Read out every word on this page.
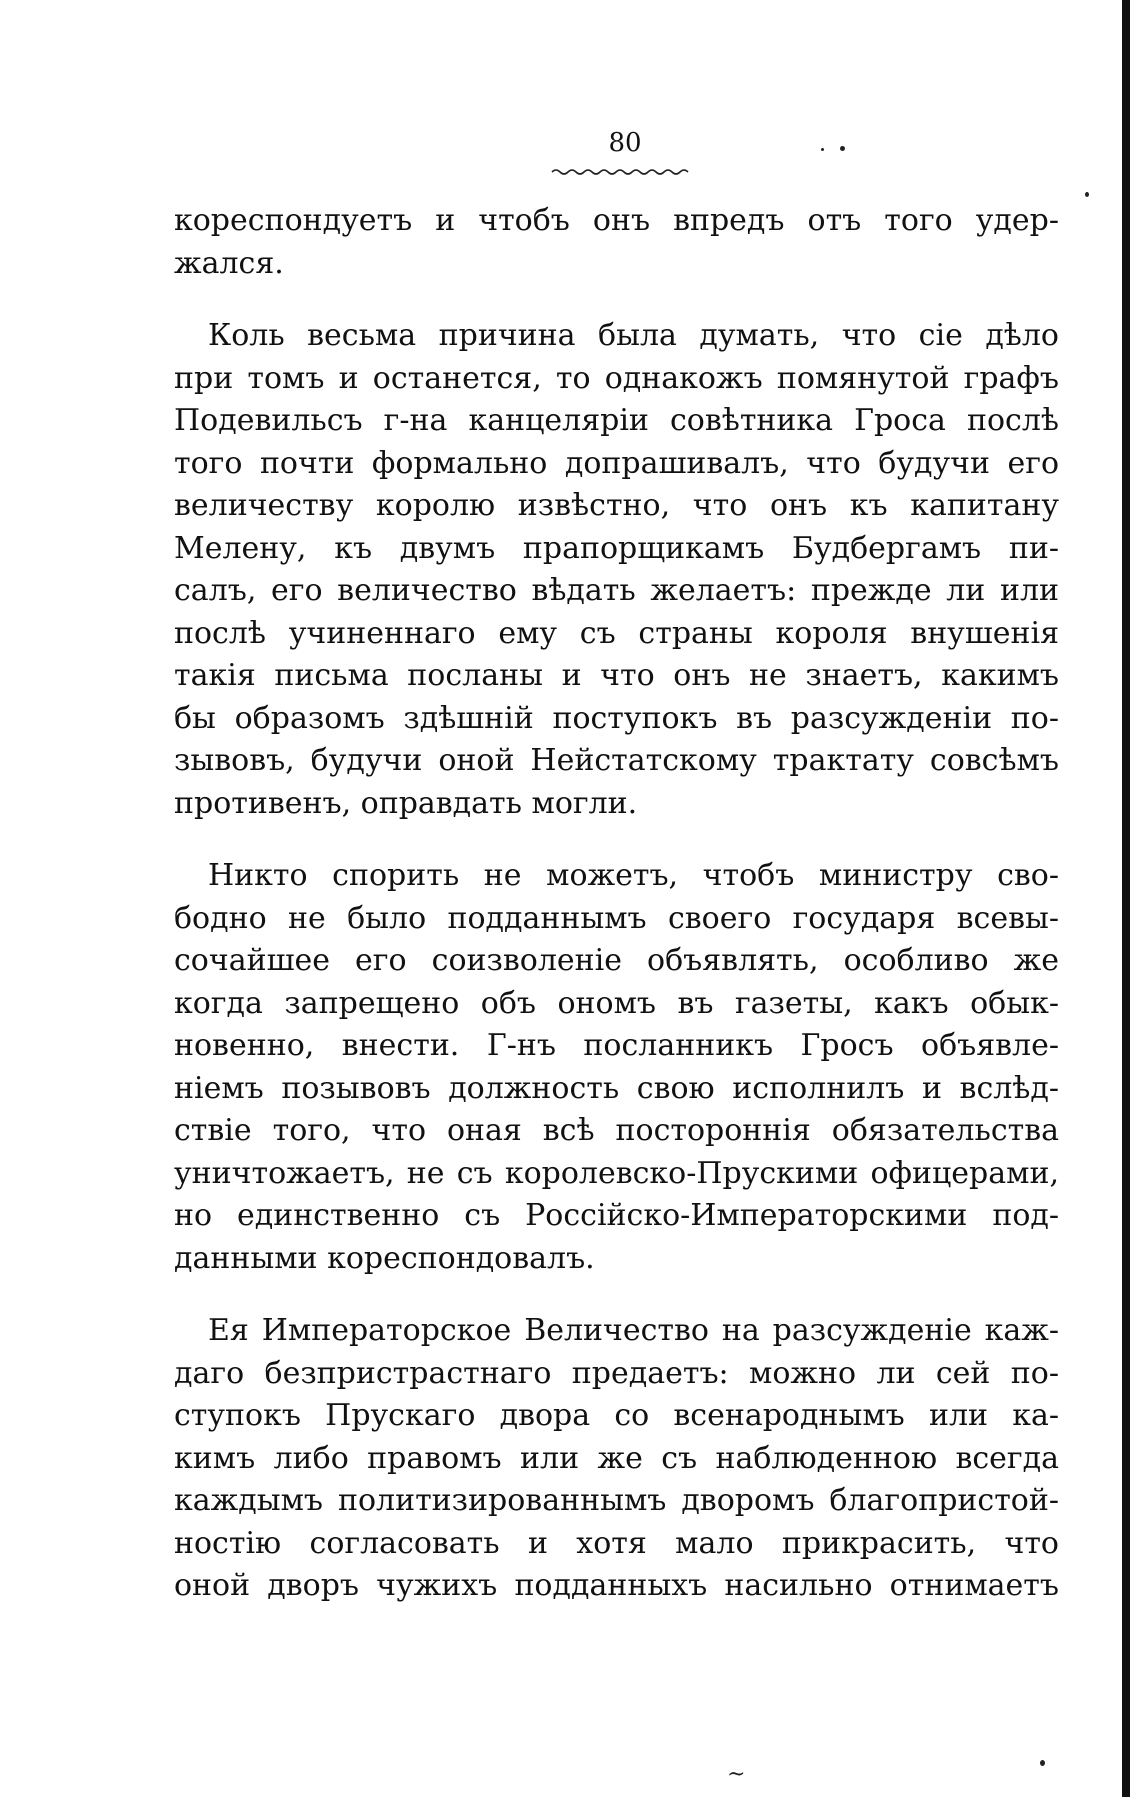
80

кореспондуетъ и чтобъ онъ впредъ отъ того удер-
жался.

Коль весьма причина была думать, что сіе дѣло
при томъ и останется, то однакожъ помянутой графъ
Подевильсъ г-на канцеляріи совѣтника Гроса послѣ
того почти формально допрашивалъ, что будучи его
величеству королю извѣстно, что онъ къ капитану
Мелену, къ двумъ прапорщикамъ Будбергамъ пи-
салъ, его величество вѣдать желаетъ: прежде ли или
послѣ учиненнаго ему съ страны короля внушенія
такія письма посланы и что онъ не знаетъ, какимъ
бы образомъ здѣшній поступокъ въ разсужденіи по-
зывовъ, будучи оной Нейстатскому трактату совсѣмъ
противенъ, оправдать могли.

Никто спорить не можетъ, чтобъ министру сво-
бодно не было подданнымъ своего государя всевы-
сочайшее его соизволеніе объявлять, особливо же
когда запрещено объ ономъ въ газеты, какъ обык-
новенно, внести. Г-нъ посланникъ Гросъ объявле-
ніемъ позывовъ должность свою исполнилъ и вслѣд-
ствіе того, что оная всѣ постороннія обязательства
уничтожаетъ, не съ королевско-Прускими офицерами,
но единственно съ Россійско-Императорскими под-
данными кореспондовалъ.

Ея Императорское Величество на разсужденіе каж-
даго безпристрастнаго предаетъ: можно ли сей по-
ступокъ Прускаго двора со всенароднымъ или ка-
кимъ либо правомъ или же съ наблюденною всегда
каждымъ политизированнымъ дворомъ благопристой-
ностію согласовать и хотя мало прикрасить, что
оной дворъ чужихъ подданныхъ насильно отнимаетъ

~
